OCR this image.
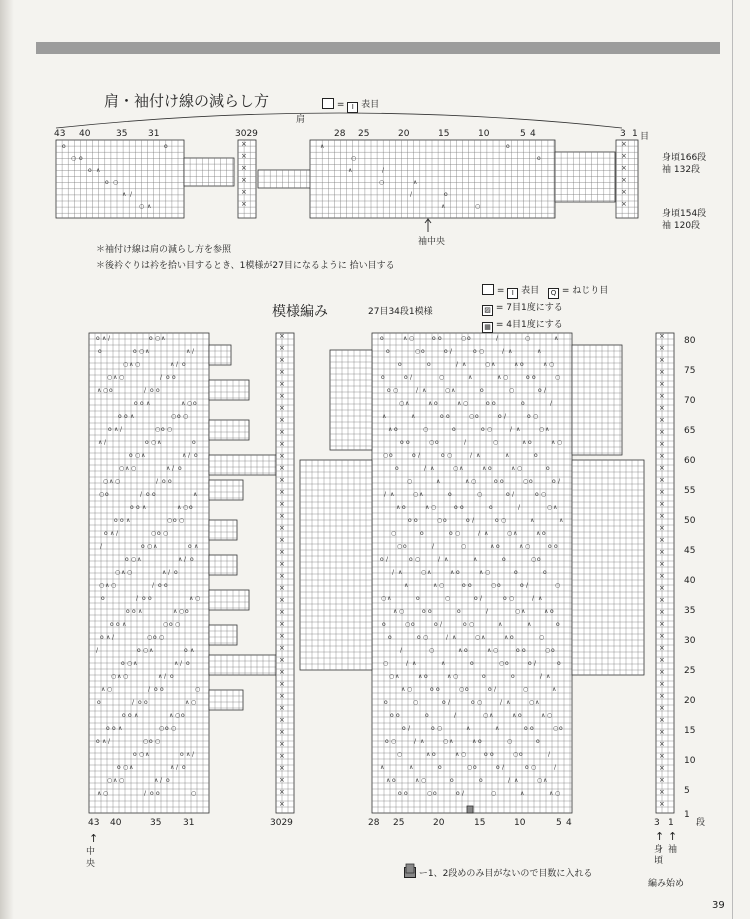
肩・袖付け線の減らし方	= I 表目
肩
43 40	35 31	3029	28 25	20	15	10	5 4	3 1 目
身頃166段
袖 132段
身頃154段
袖 120段
袖中央
＊袖付け線は肩の減らし方を参照
＊後衿ぐりは衿を拾い目するとき、1模様が27目になるように 拾い目する
= I 表目	Q = ねじり目
▨ = 7目1度にする
▦ = 4目1度にする
模様編み	27目34段1模様
80
75
70
65
60
55
50
45
40
35
30
25
20
15
10
5
1
段
43 40	35 31	3029	28 25	20	15	10	5 4	3 1
↑
中央
↑ ↑
身頃
袖
編み始め
ー1、2段めのみ目がないので目数に入れる
39
o	o
∧	○
/	∧	o	○	o	o	/	○	∧
∧	o	○
o	∧
○	/
∧
o	o	/	○	∧	∧
o	○	o	o	/
∧
○	/
∧	o
○	∧	∧	o	○
o	o	/	○	∧	∧
○	/
∧	o
○	o	○	o
o	/	○	∧	∧	o	○
o
/
∧	o
○	o
o	/
○	∧	∧	o	○	o
o	/	○
∧
o	○
o	o
∧	∧	o	○	o	o	/
○	∧	∧	o
o	○
o	o
∧	○	o	o	/	○
∧	∧	o	○	o	o
○
o	o
∧	○
/	○	∧	∧
o	○	o	o	/	○
∧
o
o
∧	○
/	∧	o	○
o	o	/	○	∧	∧
o	○
o	∧
○	/
∧	o	o	/	○	∧	∧	o
○	o	o	/
∧
○	/
∧	o
○	∧	∧	o	○	o
o	/	○	∧	∧
○	/
∧	o
○	o	○	o	o	/
○	∧	∧	o	○	o
/	∧
o
○	o
o	/	○
∧	∧	o	○	o	o
/	○
∧
o	○
o	o
∧	∧
o	○	o	o	/	○
∧	∧	o
o	○
o	o
∧	○	o	o	/	○	∧	∧
o	○	o	o
○
o	o
∧	○
/	○	∧	∧	o
○	o	o	/	○	∧
o
o	∧
○
/	∧	o	○	o
o	/	○	∧	∧	o
○
o	∧
○	/
∧	o	o
/	○	∧	∧	o	○
o	o	/
∧
○	/
∧	o
○	∧	∧	o	○	o	o
/	○	∧	∧
○	/
∧	o
○	o	○	o	o	/	○
∧	∧	o	○	o
/	∧
o	○
o
o	/	○	∧
∧	o	○	o	o	/
○
∧
o	○
o	o
∧	∧	o
○	o	o	/	○	∧
∧	o
o	○
o	o
∧	○	o	o	/	○	∧	∧	o
○	o	o
○
o	o
∧	○
/	○	∧	∧	o	○
o	o	/	○	∧
o
o	∧
○
/	∧	o	○	o	o
/	○	∧	∧	o	○
o	∧
○	/
∧	o	o	/
○	∧	∧	o	○	o	o
/
∧
○	/
∧	o
○	∧
∧	o	○	o	o	/
○	∧	∧
○
/
∧	o
○	o	○	o	o	/	○	∧
∧	o	○	o
/	∧
o	○
o
o	/	○	∧	∧
o	○	o	o	/	○
∧
o	○
o	o
∧	∧	o	○
o	o	/	○	∧	∧
o
o	○
o	o
∧	○	o	o
/	○	∧	∧	o	○
o	o
○
o	o
∧	○
/	○	∧	∧	o	○	o
o	/	○	∧
o
o	∧
○	/
∧	o	○	o	o	/
○	∧	∧	o	○
o	∧
○	/
∧	o	o	/	○
∧	∧	o	○	o	o	/
∧
○	/
∧	o
○	∧	∧
o	○	o	o	/	○
∧	∧
○
/
∧	o
○	o	○
o	o	/	○	∧	∧
o	○	o
o	∧
o	○
∧	/
○	∧
/	o
∧	○
o	o
○	o
o	∧
o	○
∧	/
○	∧
×	×
×	×
×	×
×	×
×	×
×	×
×	×
×	×
×	×
×	×
×	×
×	×
×	×
×	×
×	×
×	×
×	×
×	×
×	×
×	×
×	×
×	×
×	×
×	×
×	×
×	×
×	×
×	×
×	×
×	×
×	×
×	×
×	×
×	×
×	×
×	×
×	×
×	×
×	×
×	×
×	×
×	×
×	×
×	×
×	×
×	×
